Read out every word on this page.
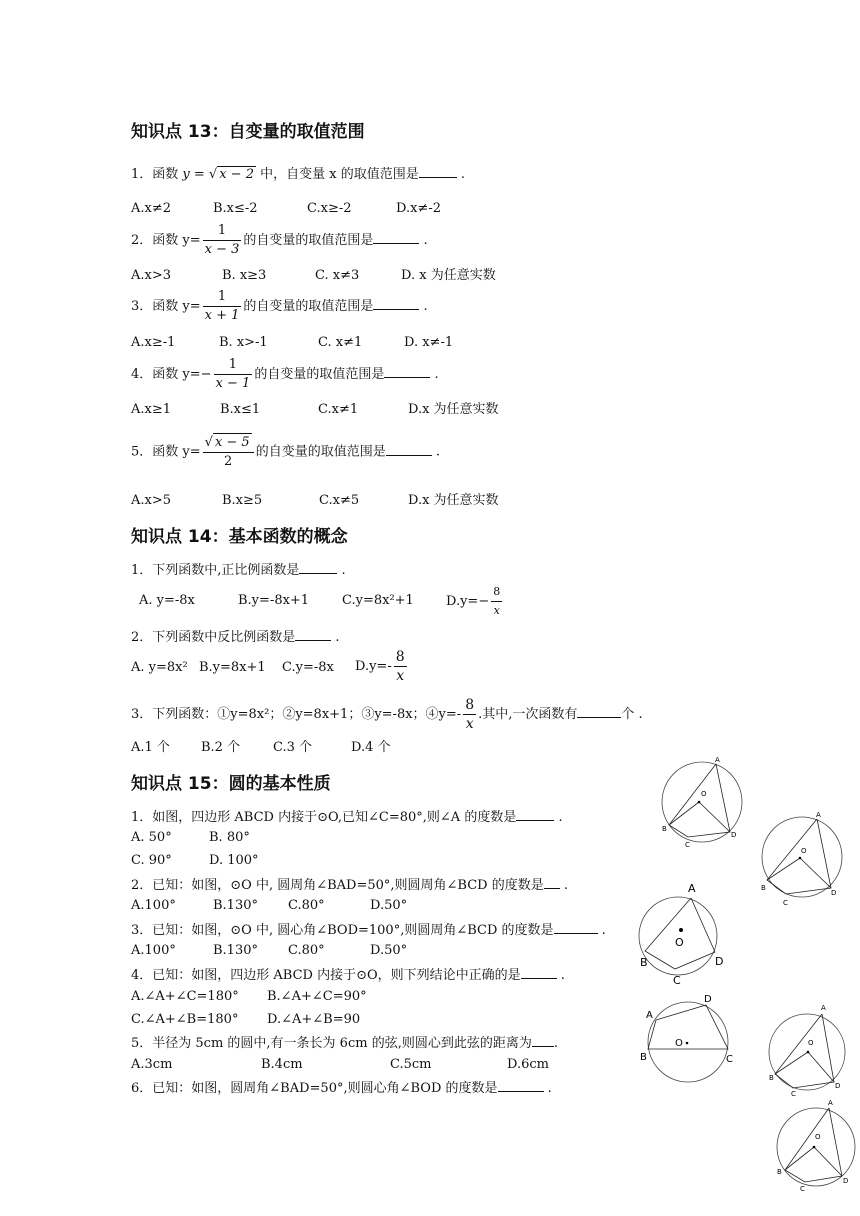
知识点 13：自变量的取值范围
1．函数 y = √ x − 2 中，自变量 x 的取值范围是	.
A.x≠2	B.x≤-2	C.x≥-2	D.x≠-2
2．函数 $y= \frac{1}{x - 3}$ 的自变量的取值范围是	.
A.x>3	B. x≥3	C. x≠3	D. x 为任意实数
3．函数 $y= \frac{1}{x + 1}$ 的自变量的取值范围是	.
A.x≥-1	B. x>-1	C. x≠1	D. x≠-1
4．函数 $y=- \frac{1}{x - 1}$ 的自变量的取值范围是	.
A.x≥1	B.x≤1	C.x≠1	D.x 为任意实数
5．函数 $y= \frac{√ x - 5}{2}$ 的自变量的取值范围是	.
A.x>5	B.x≥5	C.x≠5	D.x 为任意实数
知识点 14：基本函数的概念
1．下列函数中,正比例函数是	.
A. y=-8x	B.y=-8x+1	C.y=8x²+1 $D.y=- \frac{8}{x}$
2．下列函数中反比例函数是	.
A. y=8x² B.y=8x+1 C.y=-8x $D.y=- \frac{8}{x}$
3．下列函数：①y=8x²；②y=8x+1；③y=-8x；④y=- $\frac{8}{x}$ .其中,一次函数有	个 .
A.1 个 B.2 个	C.3 个	D.4 个
知识点 15：圆的基本性质
1．如图，四边形 ABCD 内接于⊙O,已知∠C=80°,则∠A 的度数是	.
A. 50°	B. 80°
C. 90°	D. 100°
2．已知：如图，⊙O 中, 圆周角∠BAD=50°,则圆周角∠BCD 的度数是 .
A.100°	B.130° C.80°	D.50°
3．已知：如图，⊙O 中, 圆心角∠BOD=100°,则圆周角∠BCD 的度数是	.
A.100°	B.130° C.80°	D.50°
4．已知：如图，四边形 ABCD 内接于⊙O，则下列结论中正确的是	.
A.∠A+∠C=180° B.∠A+∠C=90°
C.∠A+∠B=180° D.∠A+∠B=90
5．半径为 5cm 的圆中,有一条长为 6cm 的弦,则圆心到此弦的距离为 .
A.3cm	B.4cm	C.5cm	D.6cm
6．已知：如图，圆周角∠BAD=50°,则圆心角∠BOD 的度数是	.
A
O
B
C
D
A
O
B
C
D
A
O
B
C
D
A
D
O
B	C
A
O
B
C
D
A
O
B
C
D
